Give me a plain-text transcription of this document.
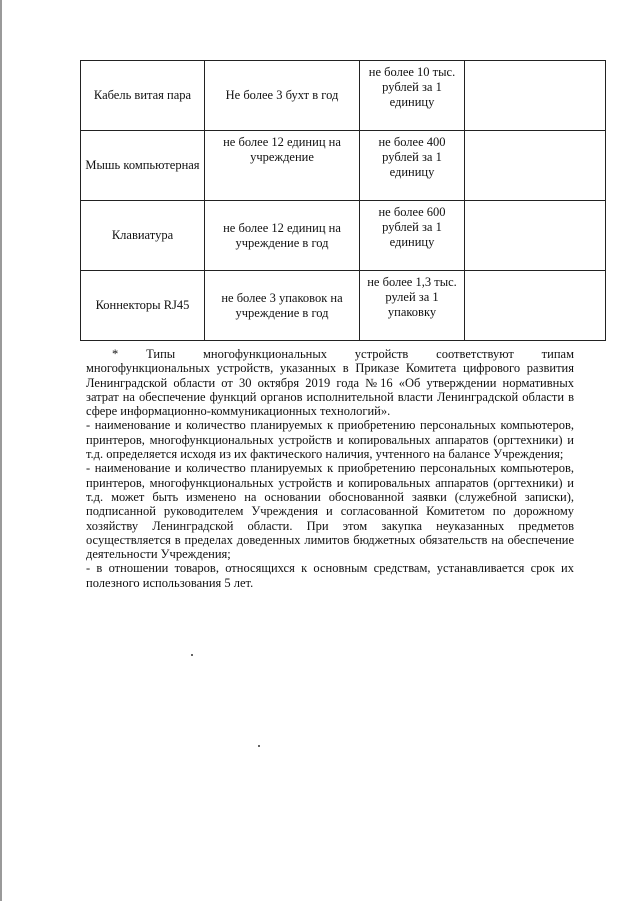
Кабель витая пара	Не более 3 бухт в год	не более 10 тыс. рублей за 1 единицу	
Мышь компьютерная	не более 12 единиц на учреждение	не более 400 рублей за 1 единицу	
Клавиатура	не более 12 единиц на учреждение в год	не более 600 рублей за 1 единицу	
Коннекторы RJ45	не более 3 упаковок на учреждение в год	не более 1,3 тыс. рулей за 1 упаковку	

* Типы многофункциональных устройств соответствуют типам многофункциональных устройств, указанных в Приказе Комитета цифрового развития Ленинградской области от 30 октября 2019 года №16 «Об утверждении нормативных затрат на обеспечение функций органов исполнительной власти Ленинградской области в сфере информационно-коммуникационных технологий».

- наименование и количество планируемых к приобретению персональных компьютеров, принтеров, многофункциональных устройств и копировальных аппаратов (оргтехники) и т.д. определяется исходя из их фактического наличия, учтенного на балансе Учреждения;

- наименование и количество планируемых к приобретению персональных компьютеров, принтеров, многофункциональных устройств и копировальных аппаратов (оргтехники) и т.д. может быть изменено на основании обоснованной заявки (служебной записки), подписанной руководителем Учреждения и согласованной Комитетом по дорожному хозяйству Ленинградской области. При этом закупка неуказанных предметов осуществляется в пределах доведенных лимитов бюджетных обязательств на обеспечение деятельности Учреждения;

- в отношении товаров, относящихся к основным средствам, устанавливается срок их полезного использования 5 лет.
